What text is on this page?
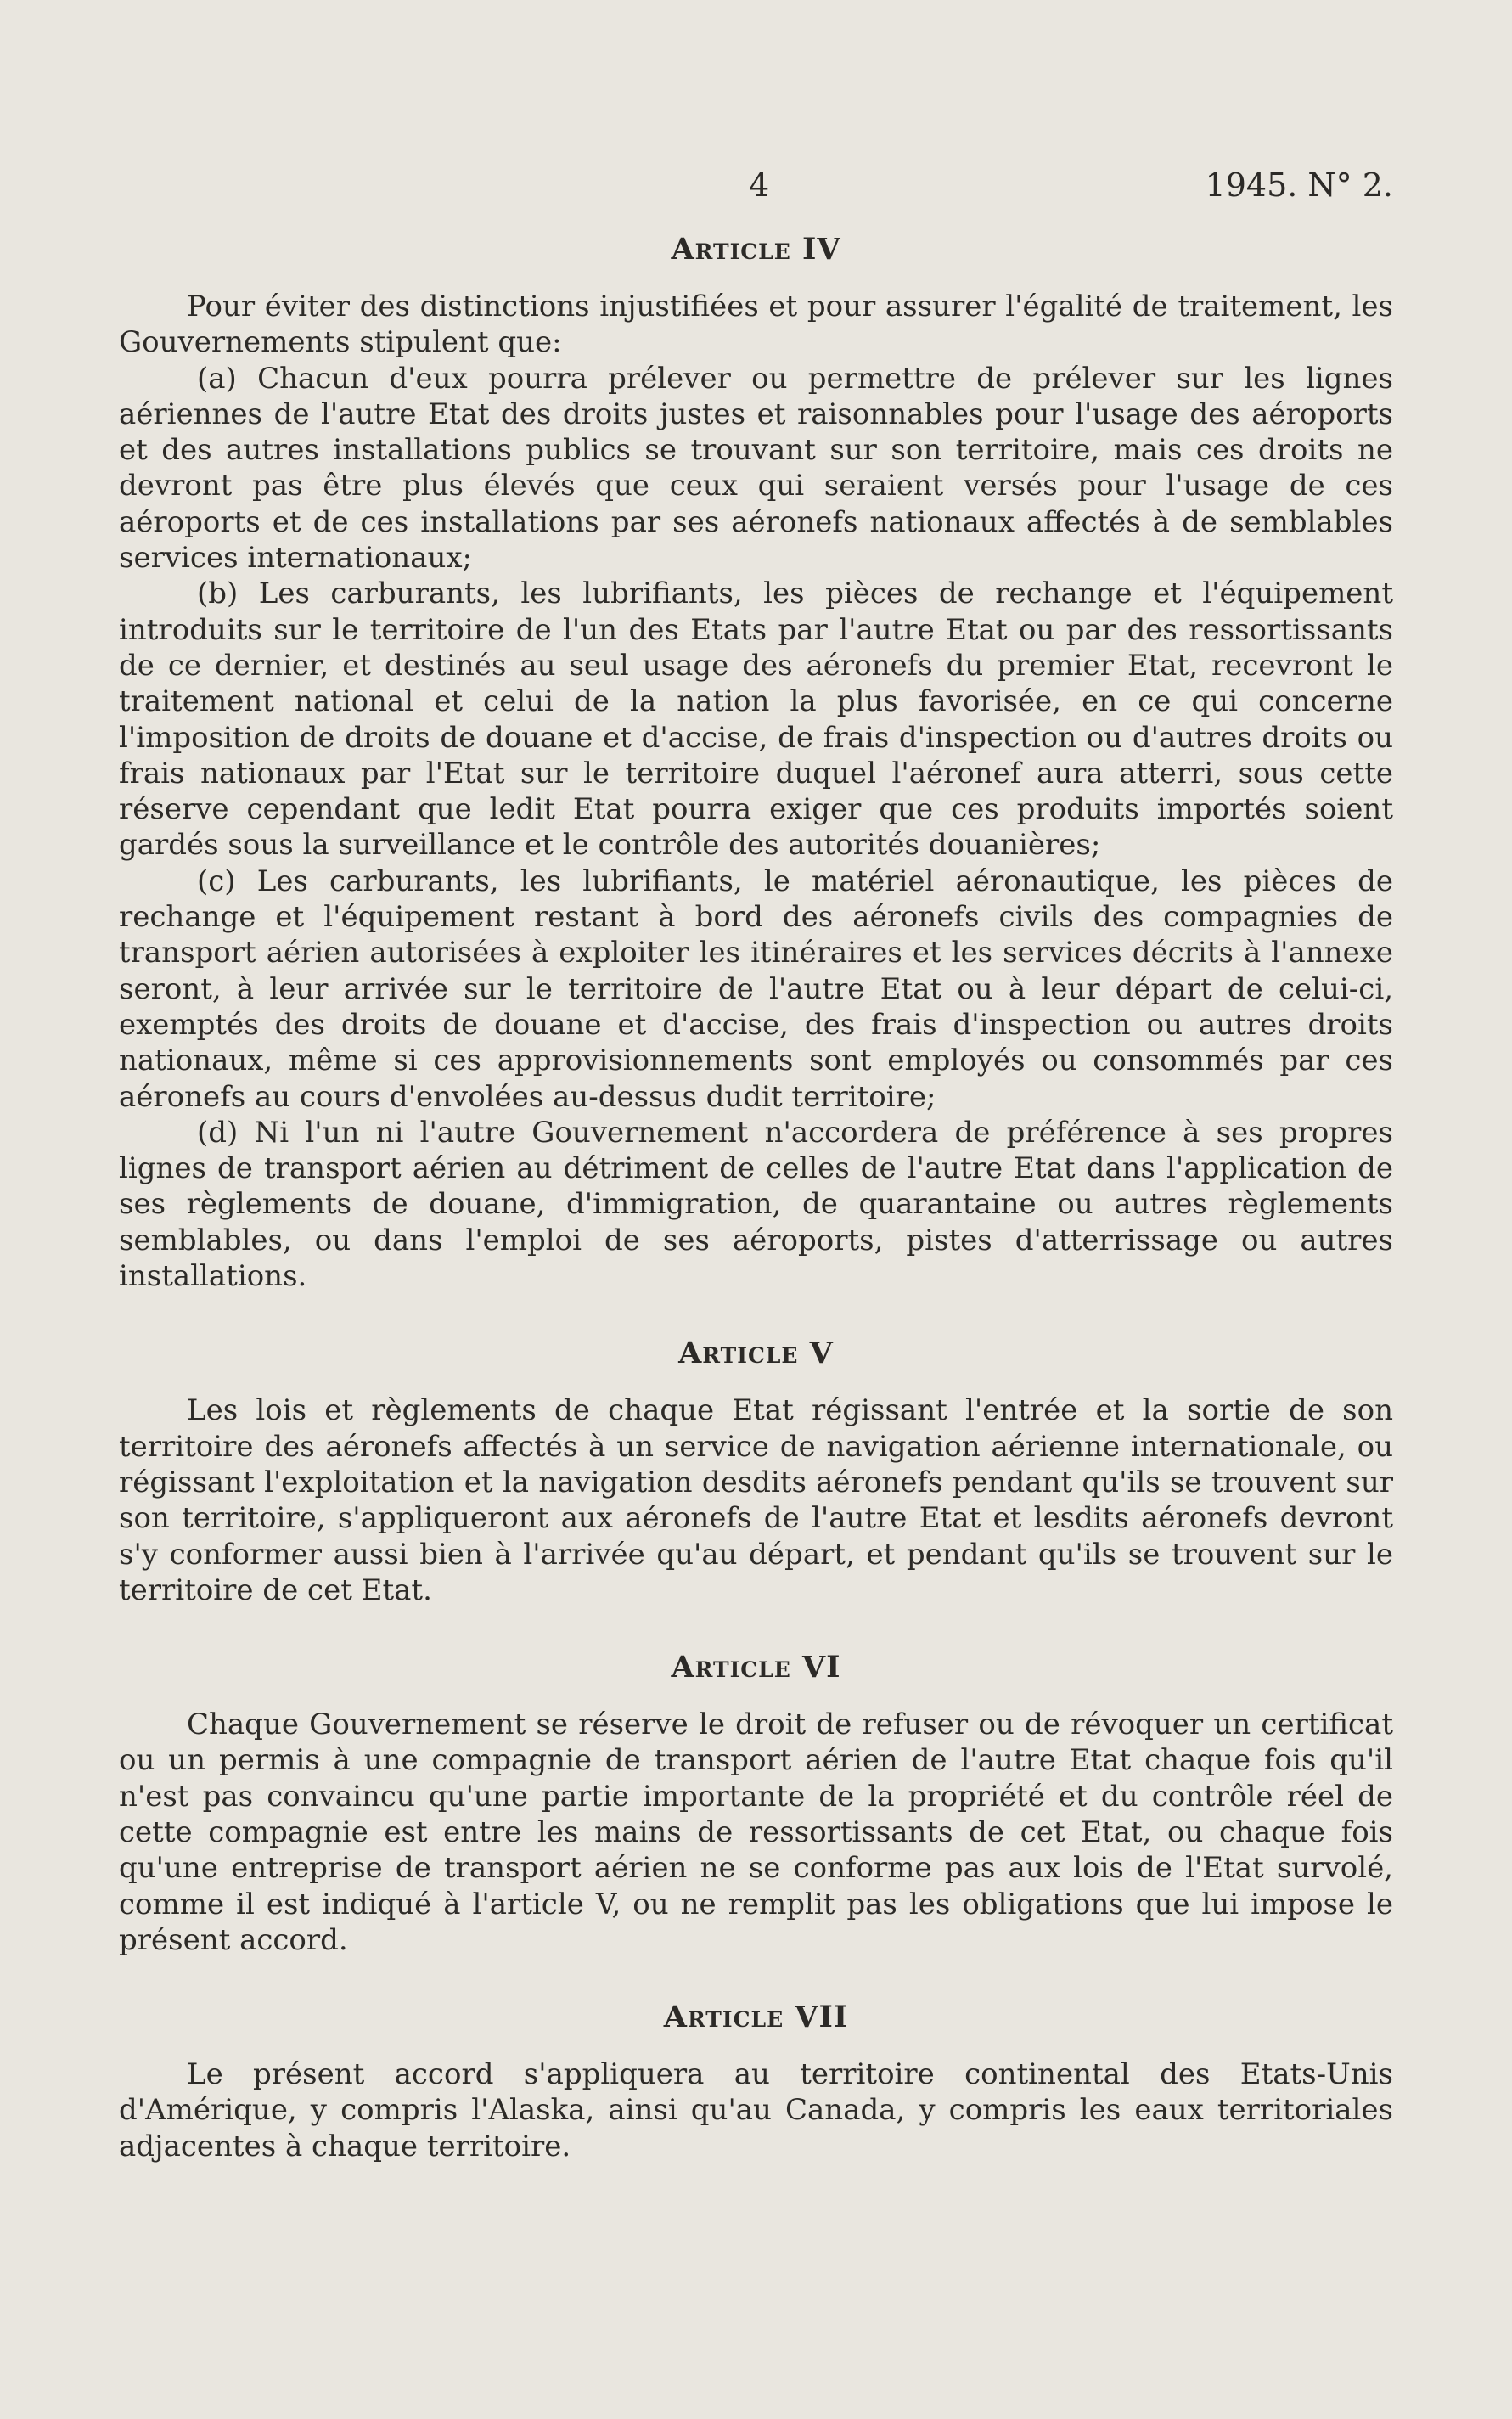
4	1945. N° 2.
Article IV

Pour éviter des distinctions injustifiées et pour assurer l'égalité de traitement, les Gouvernements stipulent que:

(a) Chacun d'eux pourra prélever ou permettre de prélever sur les lignes aériennes de l'autre Etat des droits justes et raisonnables pour l'usage des aéroports et des autres installations publics se trouvant sur son territoire, mais ces droits ne devront pas être plus élevés que ceux qui seraient versés pour l'usage de ces aéroports et de ces installations par ses aéronefs nationaux affectés à de semblables services internationaux;

(b) Les carburants, les lubrifiants, les pièces de rechange et l'équipement introduits sur le territoire de l'un des Etats par l'autre Etat ou par des ressortissants de ce dernier, et destinés au seul usage des aéronefs du premier Etat, recevront le traitement national et celui de la nation la plus favorisée, en ce qui concerne l'imposition de droits de douane et d'accise, de frais d'inspection ou d'autres droits ou frais nationaux par l'Etat sur le territoire duquel l'aéronef aura atterri, sous cette réserve cependant que ledit Etat pourra exiger que ces produits importés soient gardés sous la surveillance et le contrôle des autorités douanières;

(c) Les carburants, les lubrifiants, le matériel aéronautique, les pièces de rechange et l'équipement restant à bord des aéronefs civils des compagnies de transport aérien autorisées à exploiter les itinéraires et les services décrits à l'annexe seront, à leur arrivée sur le territoire de l'autre Etat ou à leur départ de celui-ci, exemptés des droits de douane et d'accise, des frais d'inspection ou autres droits nationaux, même si ces approvisionnements sont employés ou consommés par ces aéronefs au cours d'envolées au-dessus dudit territoire;

(d) Ni l'un ni l'autre Gouvernement n'accordera de préférence à ses propres lignes de transport aérien au détriment de celles de l'autre Etat dans l'application de ses règlements de douane, d'immigration, de quarantaine ou autres règlements semblables, ou dans l'emploi de ses aéroports, pistes d'atterrissage ou autres installations.

Article V

Les lois et règlements de chaque Etat régissant l'entrée et la sortie de son territoire des aéronefs affectés à un service de navigation aérienne internationale, ou régissant l'exploitation et la navigation desdits aéronefs pendant qu'ils se trouvent sur son territoire, s'appliqueront aux aéronefs de l'autre Etat et lesdits aéronefs devront s'y conformer aussi bien à l'arrivée qu'au départ, et pendant qu'ils se trouvent sur le territoire de cet Etat.

Article VI

Chaque Gouvernement se réserve le droit de refuser ou de révoquer un certificat ou un permis à une compagnie de transport aérien de l'autre Etat chaque fois qu'il n'est pas convaincu qu'une partie importante de la propriété et du contrôle réel de cette compagnie est entre les mains de ressortissants de cet Etat, ou chaque fois qu'une entreprise de transport aérien ne se conforme pas aux lois de l'Etat survolé, comme il est indiqué à l'article V, ou ne remplit pas les obligations que lui impose le présent accord.

Article VII

Le présent accord s'appliquera au territoire continental des Etats-Unis d'Amérique, y compris l'Alaska, ainsi qu'au Canada, y compris les eaux territoriales adjacentes à chaque territoire.
